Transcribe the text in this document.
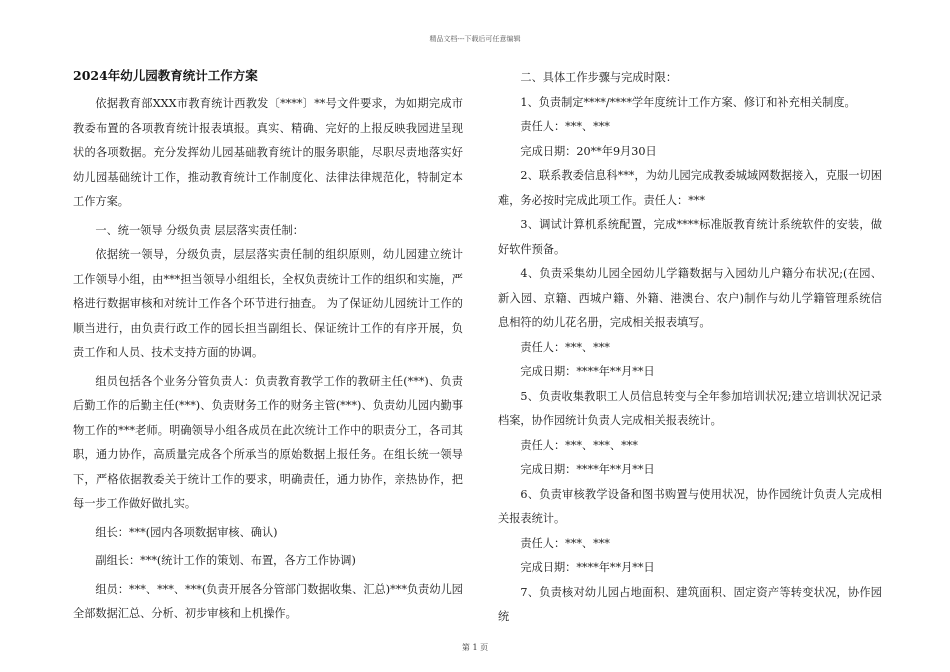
精品文档---下载后可任意编辑
2024年幼儿园教育统计工作方案

依据教育部XXX市教育统计西教发〔****〕**号文件要求，为如期完成市教委布置的各项教育统计报表填报。真实、精确、完好的上报反映我园进呈现状的各项数据。充分发挥幼儿园基础教育统计的服务职能，尽职尽责地落实好幼儿园基础统计工作，推动教育统计工作制度化、法律法律规范化，特制定本工作方案。

一、统一领导 分级负责 层层落实责任制：

依据统一领导，分级负责，层层落实责任制的组织原则，幼儿园建立统计工作领导小组，由***担当领导小组组长，全权负责统计工作的组织和实施，严格进行数据审核和对统计工作各个环节进行抽查。 为了保证幼儿园统计工作的顺当进行，由负责行政工作的园长担当副组长、保证统计工作的有序开展，负责工作和人员、技术支持方面的协调。

组员包括各个业务分管负责人：负责教育教学工作的教研主任(***)、负责后勤工作的后勤主任(***)、负责财务工作的财务主管(***)、负责幼儿园内勤事物工作的***老师。明确领导小组各成员在此次统计工作中的职责分工，各司其职，通力协作，高质量完成各个所承当的原始数据上报任务。在组长统一领导下，严格依据教委关于统计工作的要求，明确责任，通力协作，亲热协作，把每一步工作做好做扎实。

组长：***(园内各项数据审核、确认)

副组长：***(统计工作的策划、布置，各方工作协调)

组员：***、***、***(负责开展各分管部门数据收集、汇总)***负责幼儿园全部数据汇总、分析、初步审核和上机操作。

二、具体工作步骤与完成时限：

1、负责制定****/****学年度统计工作方案、修订和补充相关制度。

责任人：***、***

完成日期：20**年9月30日

2、联系教委信息科***，为幼儿园完成教委城域网数据接入，克服一切困难，务必按时完成此项工作。责任人：***

3、调试计算机系统配置，完成****标准版教育统计系统软件的安装，做好软件预备。

4、负责采集幼儿园全园幼儿学籍数据与入园幼儿户籍分布状况;(在园、新入园、京籍、西城户籍、外籍、港澳台、农户)制作与幼儿学籍管理系统信息相符的幼儿花名册，完成相关报表填写。

责任人：***、***

完成日期：****年**月**日

5、负责收集教职工人员信息转变与全年参加培训状况;建立培训状况记录档案，协作园统计负责人完成相关报表统计。

责任人：***、***、***

完成日期：****年**月**日

6、负责审核教学设备和图书购置与使用状况，协作园统计负责人完成相关报表统计。

责任人：***、***

完成日期：****年**月**日

7、负责核对幼儿园占地面积、建筑面积、固定资产等转变状况，协作园统

第 1 页
